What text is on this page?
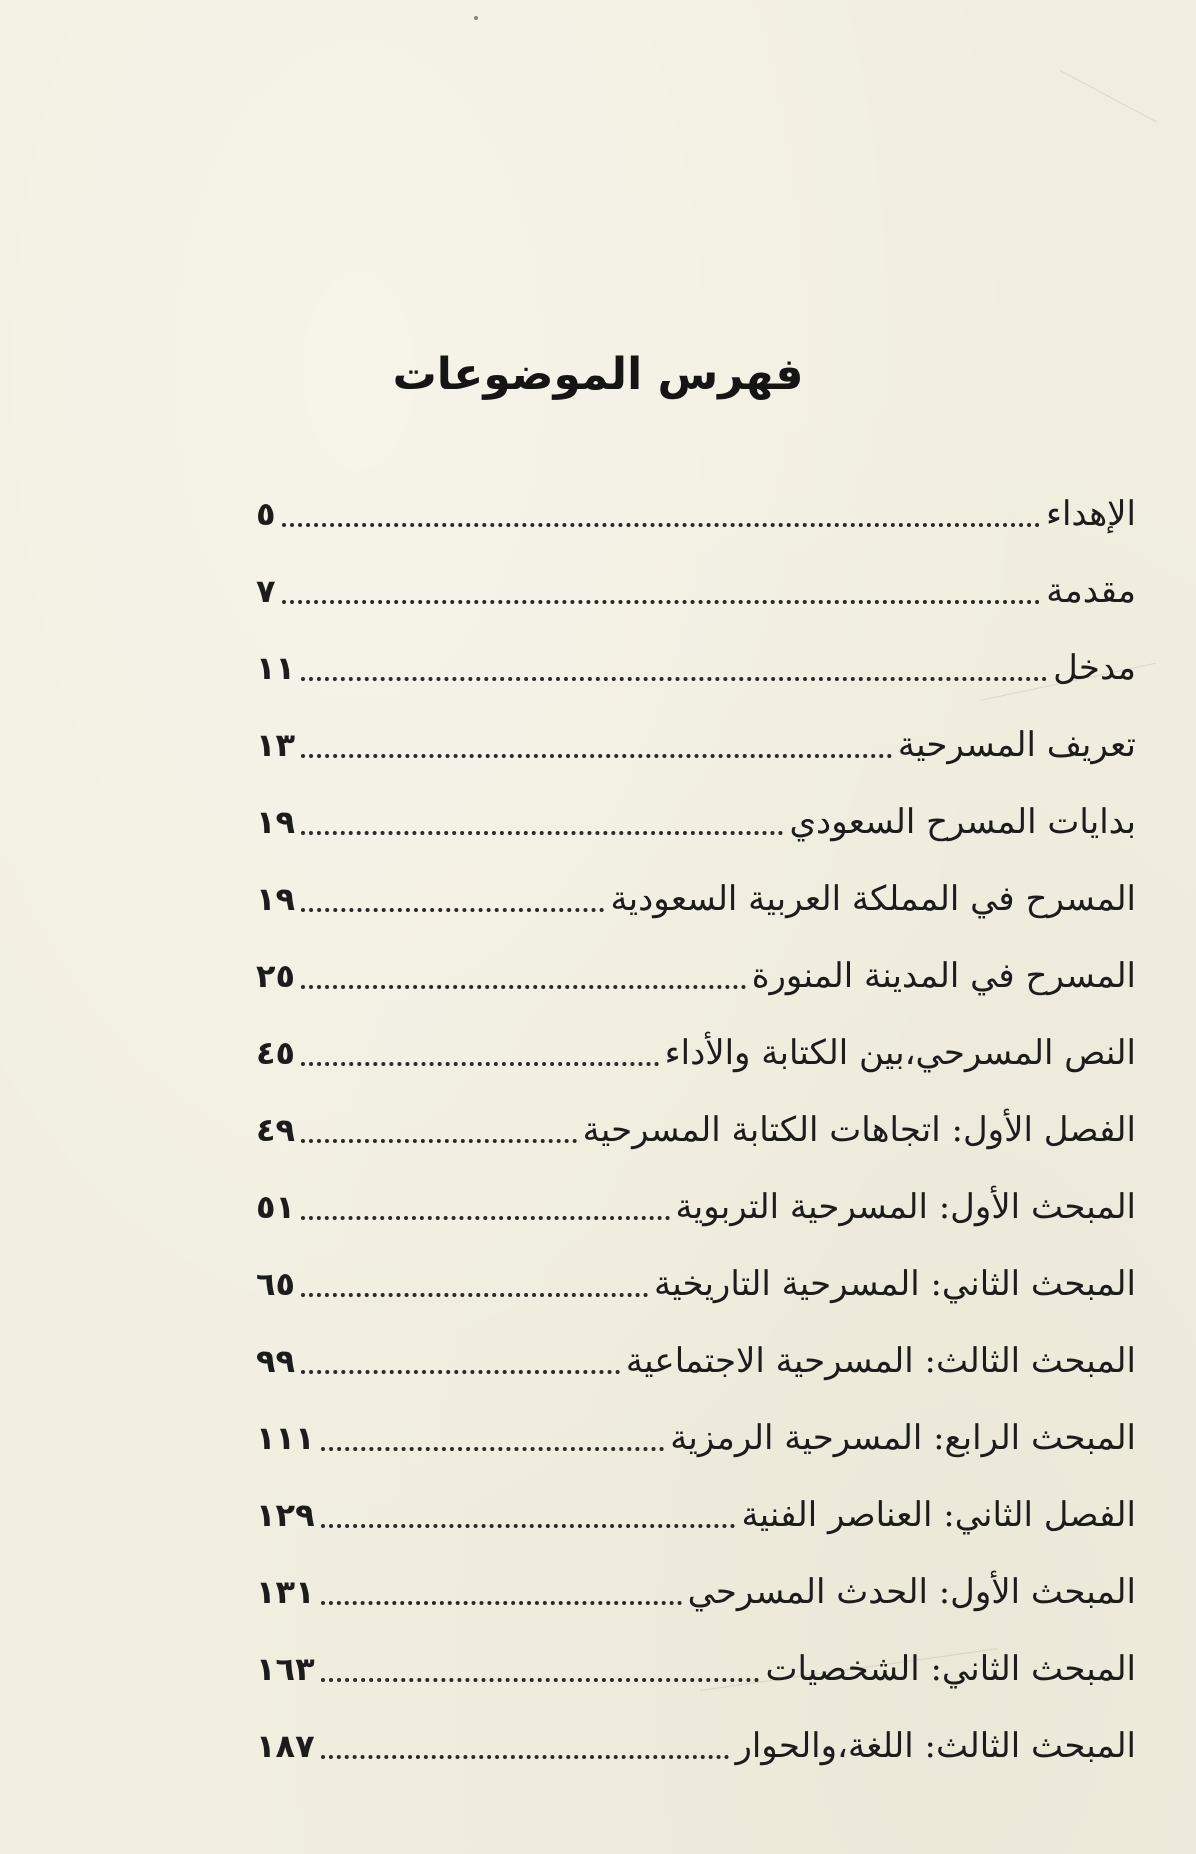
فهرس الموضوعات
الإهداء
٥
مقدمة
٧
مدخل
١١
تعريف المسرحية
١٣
بدايات المسرح السعودي
١٩
المسرح في المملكة العربية السعودية
١٩
المسرح في المدينة المنورة
٢٥
النص المسرحي،بين الكتابة والأداء
٤٥
الفصل الأول: اتجاهات الكتابة المسرحية
٤٩
المبحث الأول: المسرحية التربوية
٥١
المبحث الثاني: المسرحية التاريخية
٦٥
المبحث الثالث: المسرحية الاجتماعية
٩٩
المبحث الرابع: المسرحية الرمزية
١١١
الفصل الثاني: العناصر الفنية
١٢٩
المبحث الأول: الحدث المسرحي
١٣١
المبحث الثاني: الشخصيات
١٦٣
المبحث الثالث: اللغة،والحوار
١٨٧
